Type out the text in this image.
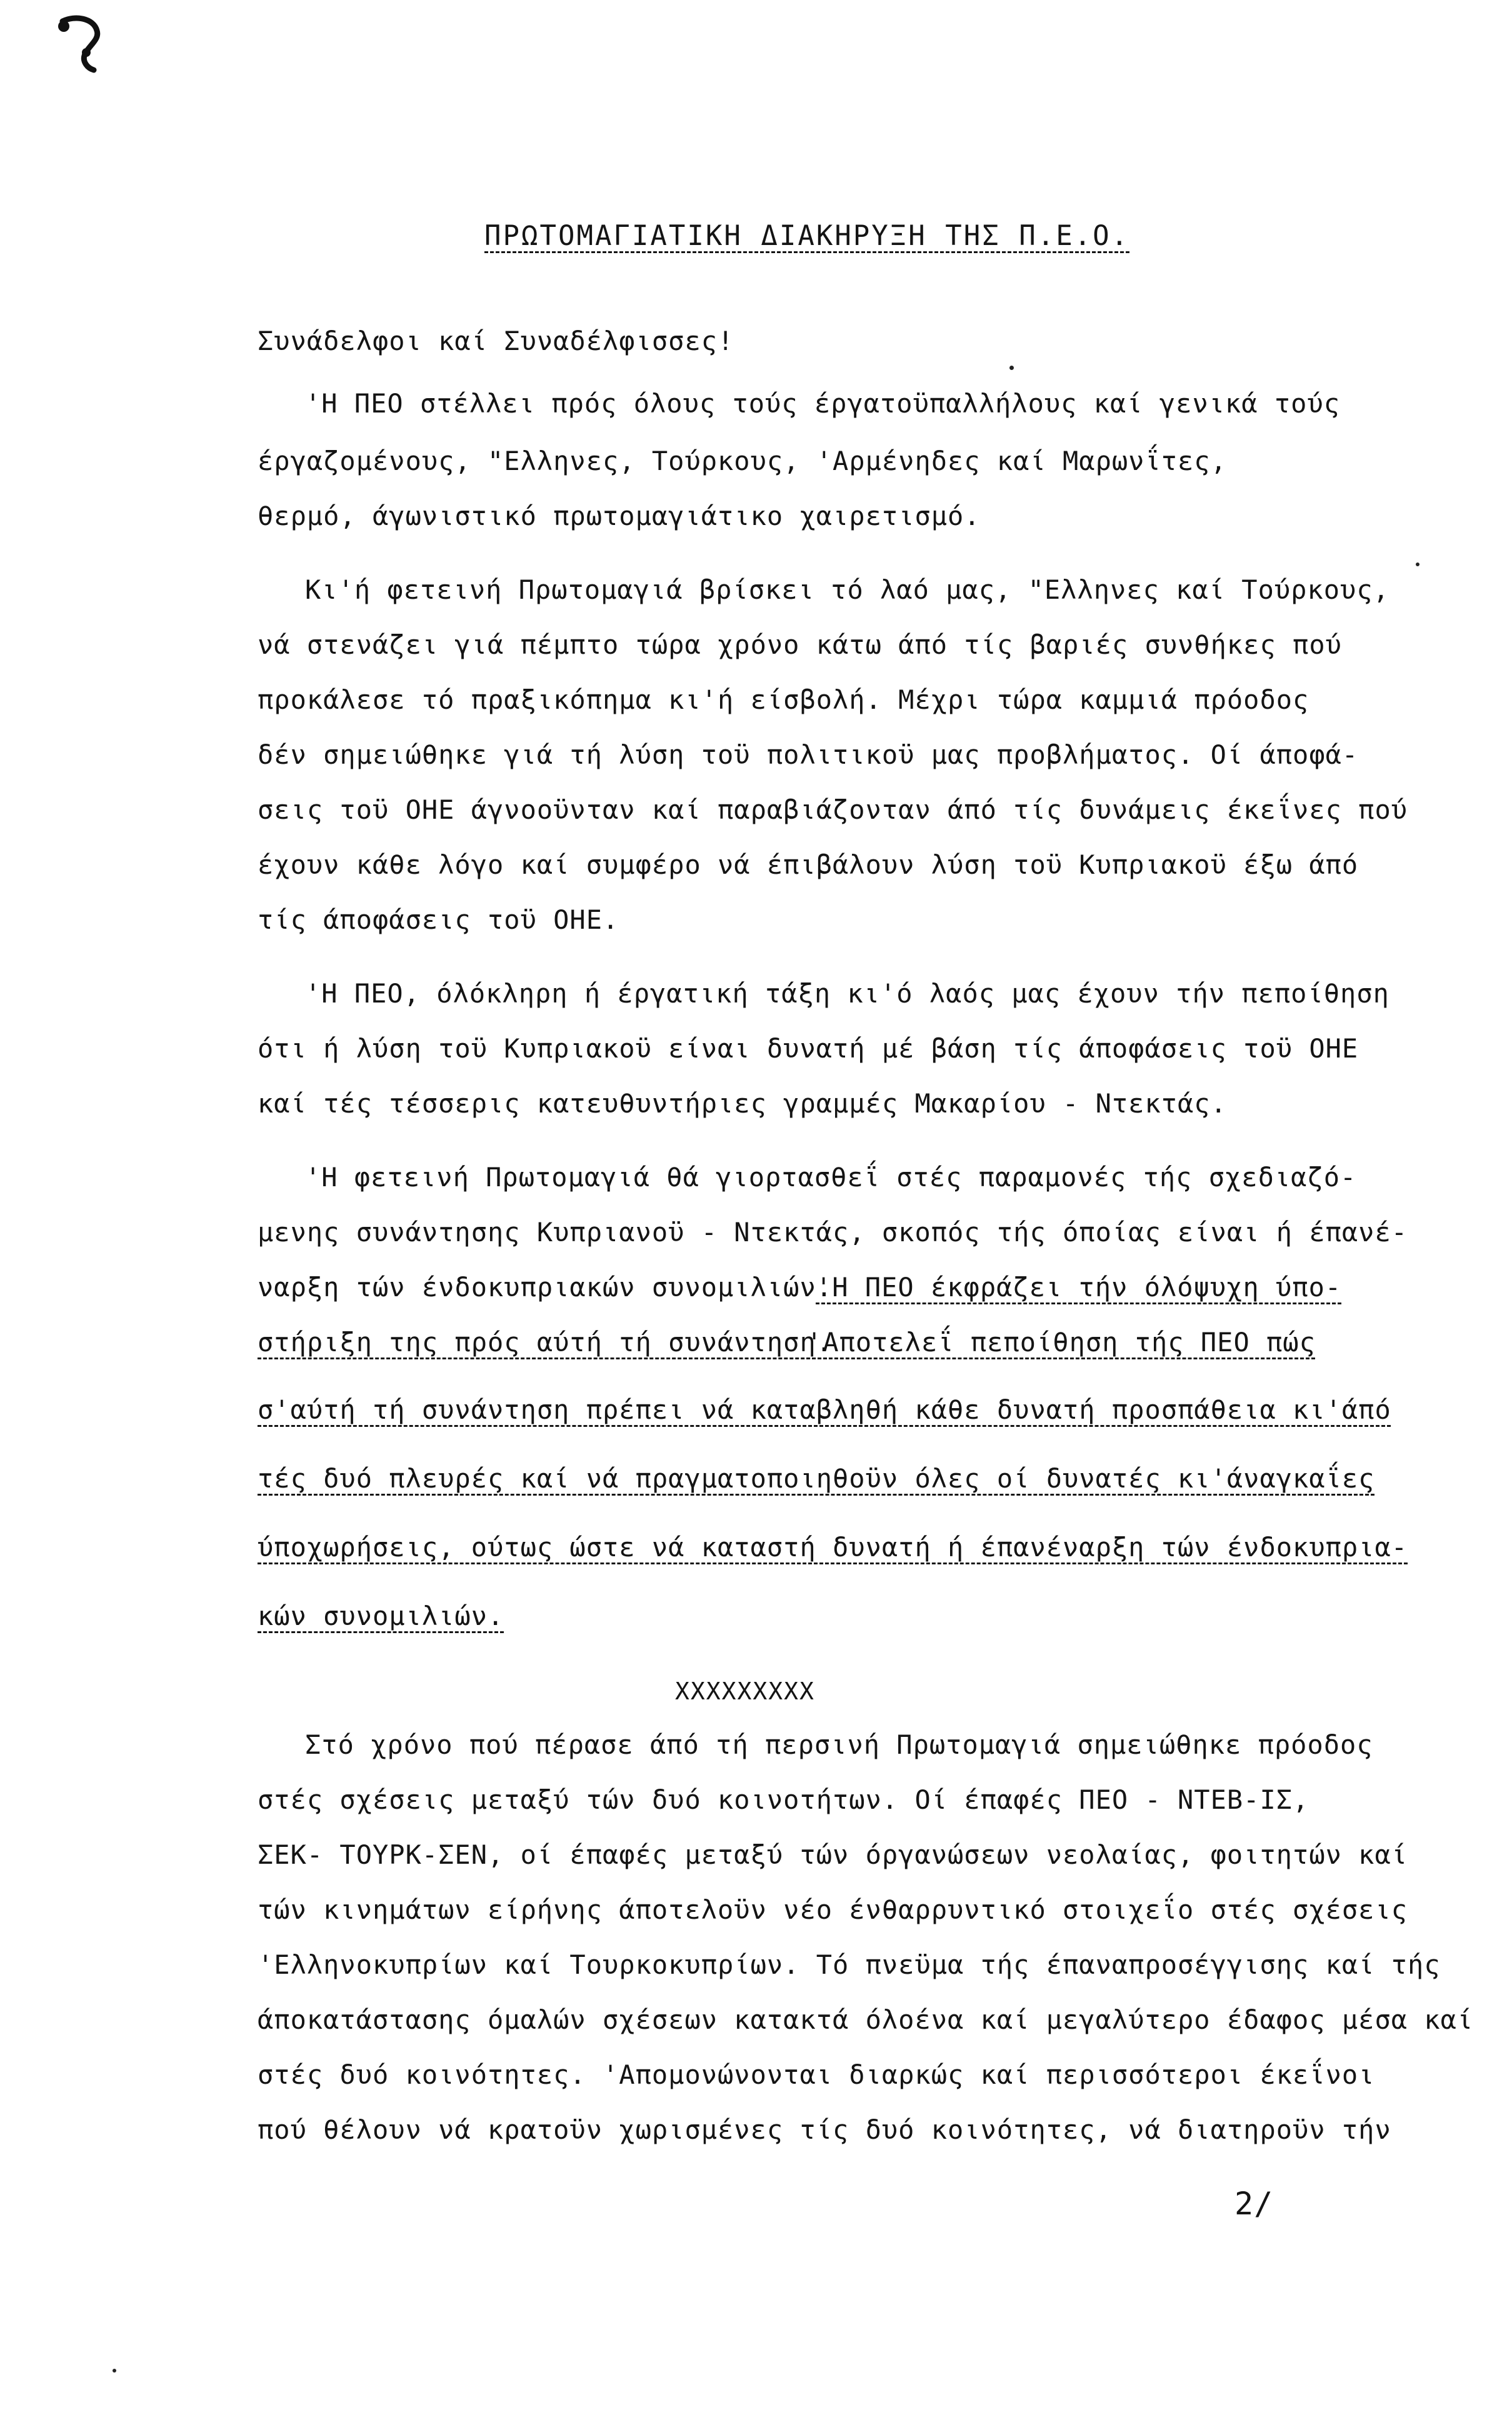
ΠΡΩΤΟΜΑΓΙΑΤΙΚΗ ΔΙΑΚΗΡΥΞΗ ΤΗΣ Π.Ε.Ο.
Συνάδελφοι καί Συναδέλφισσες!
'Η ΠΕΟ στέλλει πρός όλους τούς έργατοϋπαλλήλους καί γενικά τούς
έργαζομένους, "Ελληνες, Τούρκους, 'Αρμένηδες καί Μαρωνΐτες,
θερμό, άγωνιστικό πρωτομαγιάτικο χαιρετισμό.
Κι'ή φετεινή Πρωτομαγιά βρίσκει τό λαό μας, "Ελληνες καί Τούρκους,
νά στενάζει γιά πέμπτο τώρα χρόνο κάτω άπό τίς βαριές συνθήκες πού
προκάλεσε τό πραξικόπημα κι'ή είσβολή. Μέχρι τώρα καμμιά πρόοδος
δέν σημειώθηκε γιά τή λύση τοϋ πολιτικοϋ μας προβλήματος. Οί άποφά-
σεις τοϋ ΟΗΕ άγνοοϋνταν καί παραβιάζονταν άπό τίς δυνάμεις έκεΐνες πού
έχουν κάθε λόγο καί συμφέρο νά έπιβάλουν λύση τοϋ Κυπριακοϋ έξω άπό
τίς άποφάσεις τοϋ ΟΗΕ.
'Η ΠΕΟ, όλόκληρη ή έργατική τάξη κι'ό λαός μας έχουν τήν πεποίθηση
ότι ή λύση τοϋ Κυπριακοϋ είναι δυνατή μέ βάση τίς άποφάσεις τοϋ ΟΗΕ
καί τές τέσσερις κατευθυντήριες γραμμές Μακαρίου - Ντεκτάς.
'Η φετεινή Πρωτομαγιά θά γιορτασθεΐ στές παραμονές τής σχεδιαζό-
μενης συνάντησης Κυπριανοϋ - Ντεκτάς, σκοπός τής όποίας είναι ή έπανέ-
ναρξη τών ένδοκυπριακών συνομιλιών.
'Η ΠΕΟ έκφράζει τήν όλόψυχη ύπο-
στήριξη της πρός αύτή τή συνάντηση.
'Αποτελεΐ πεποίθηση τής ΠΕΟ πώς
σ'αύτή τή συνάντηση πρέπει νά καταβληθή κάθε δυνατή προσπάθεια κι'άπό
τές δυό πλευρές καί νά πραγματοποιηθοϋν όλες οί δυνατές κι'άναγκαΐες
ύποχωρήσεις, ούτως ώστε νά καταστή δυνατή ή έπανέναρξη τών ένδοκυπρια-
κών συνομιλιών.
XXXXXXXXX
Στό χρόνο πού πέρασε άπό τή περσινή Πρωτομαγιά σημειώθηκε πρόοδος
στές σχέσεις μεταξύ τών δυό κοινοτήτων. Οί έπαφές ΠΕΟ - ΝΤΕΒ-ΙΣ,
ΣΕΚ- ΤΟΥΡΚ-ΣΕΝ, οί έπαφές μεταξύ τών όργανώσεων νεολαίας, φοιτητών καί
τών κινημάτων είρήνης άποτελοϋν νέο ένθαρρυντικό στοιχεΐο στές σχέσεις
'Ελληνοκυπρίων καί Τουρκοκυπρίων. Τό πνεϋμα τής έπαναπροσέγγισης καί τής
άποκατάστασης όμαλών σχέσεων κατακτά όλοένα καί μεγαλύτερο έδαφος μέσα καί
στές δυό κοινότητες. 'Απομονώνονται διαρκώς καί περισσότεροι έκεΐνοι
πού θέλουν νά κρατοϋν χωρισμένες τίς δυό κοινότητες, νά διατηροϋν τήν
2/
